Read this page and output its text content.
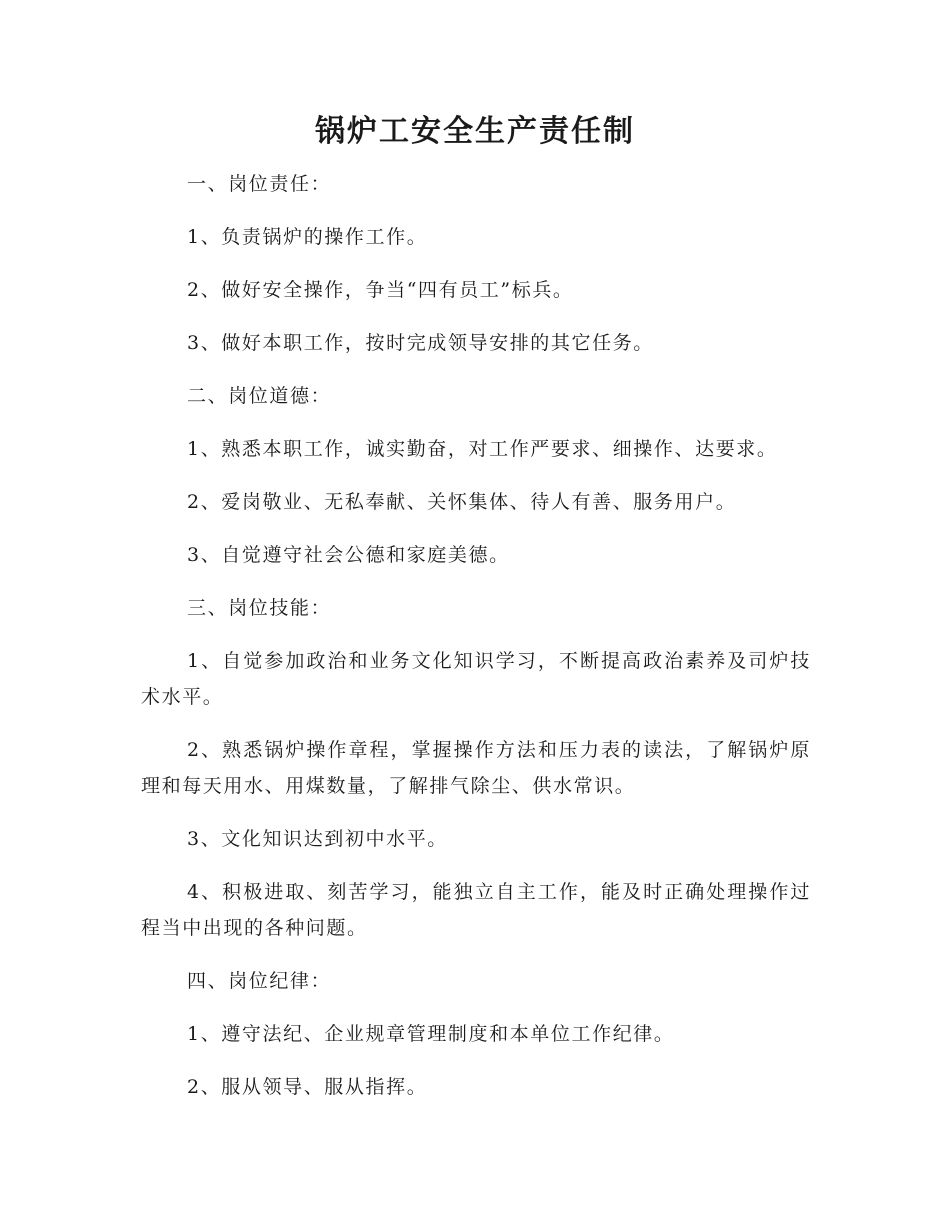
锅炉工安全生产责任制

一、岗位责任：

1、负责锅炉的操作工作。

2、做好安全操作，争当“四有员工”标兵。

3、做好本职工作，按时完成领导安排的其它任务。

二、岗位道德：

1、熟悉本职工作，诚实勤奋，对工作严要求、细操作、达要求。

2、爱岗敬业、无私奉献、关怀集体、待人有善、服务用户。

3、自觉遵守社会公德和家庭美德。

三、岗位技能：

1、自觉参加政治和业务文化知识学习，不断提高政治素养及司炉技术水平。

2、熟悉锅炉操作章程，掌握操作方法和压力表的读法，了解锅炉原理和每天用水、用煤数量，了解排气除尘、供水常识。

3、文化知识达到初中水平。

4、积极进取、刻苦学习，能独立自主工作，能及时正确处理操作过程当中出现的各种问题。

四、岗位纪律：

1、遵守法纪、企业规章管理制度和本单位工作纪律。

2、服从领导、服从指挥。
